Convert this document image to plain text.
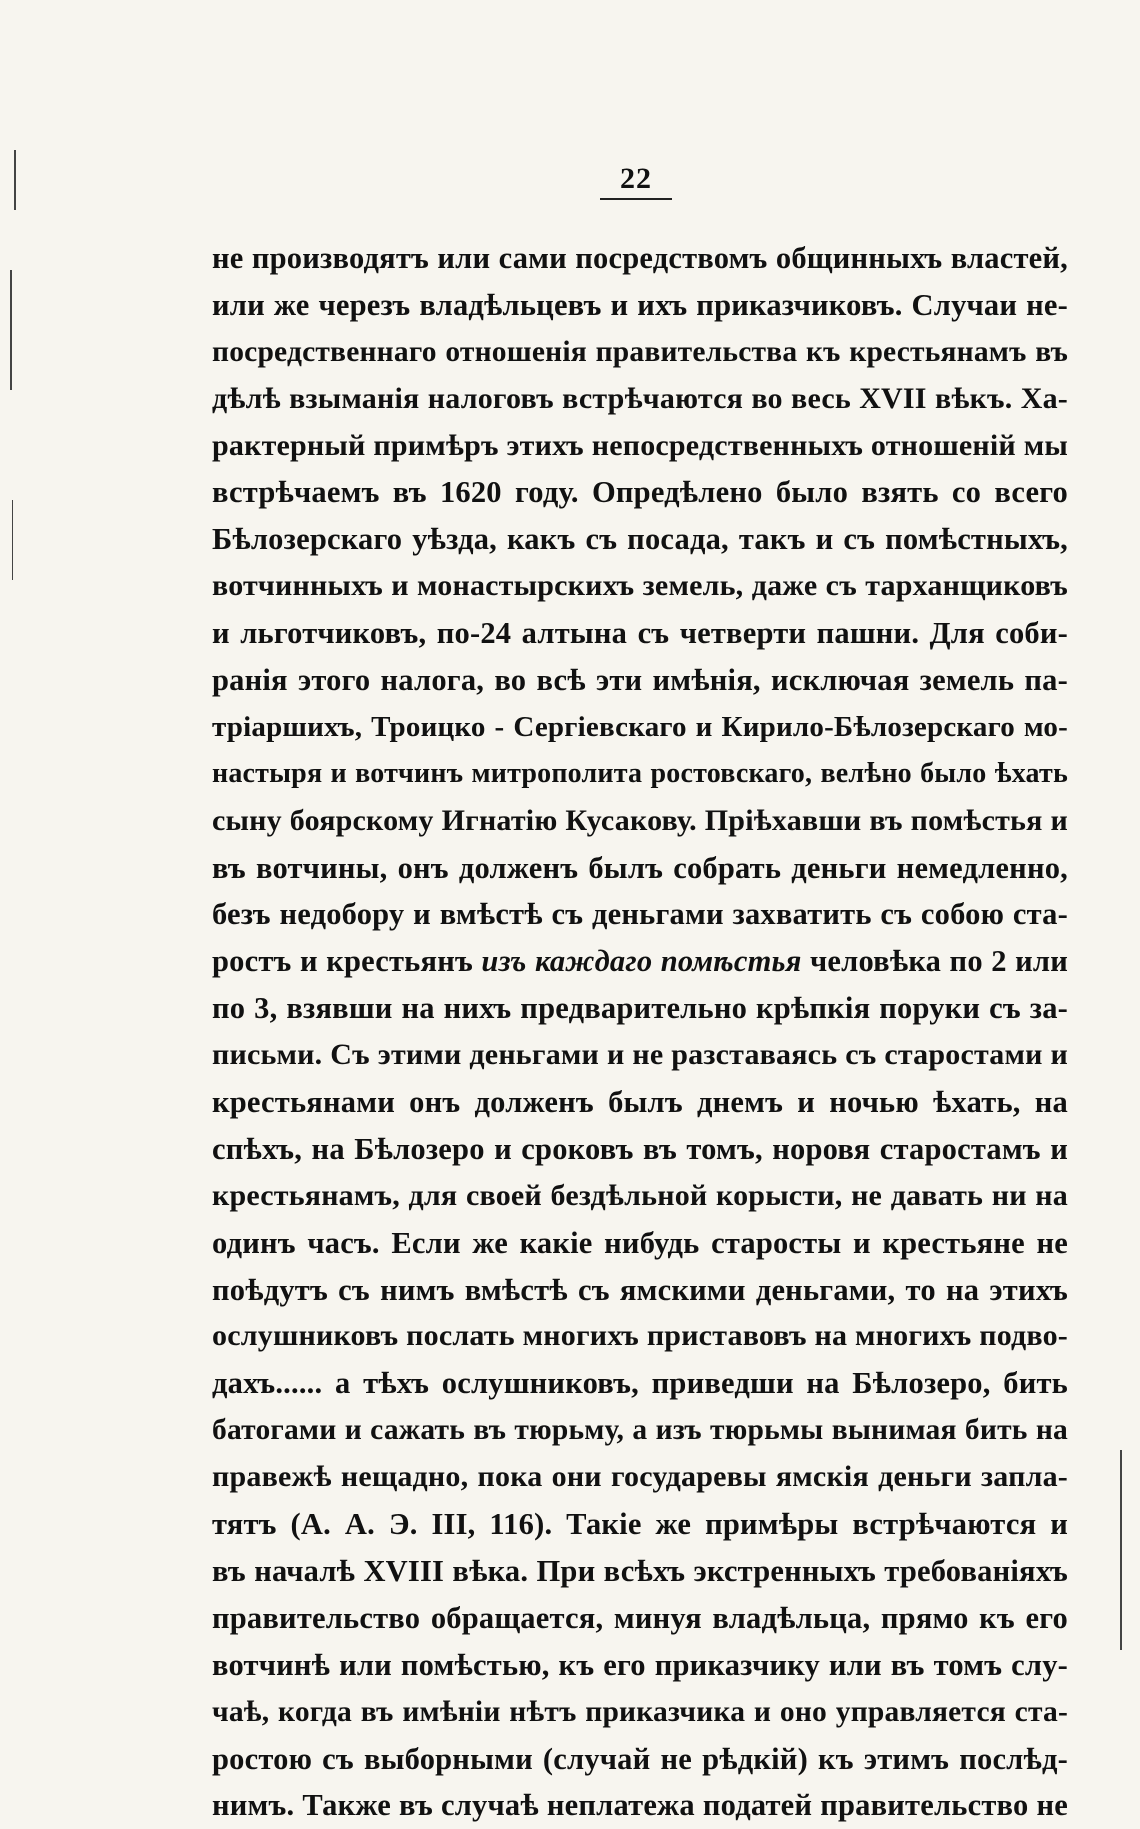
22
не производятъ или сами посредствомъ общинныхъ властей,
или же черезъ владѣльцевъ и ихъ приказчиковъ. Случаи не-
посредственнаго отношенія правительства къ крестьянамъ въ
дѣлѣ взыманія налоговъ встрѣчаются во весь XVII вѣкъ. Ха-
рактерный примѣръ этихъ непосредственныхъ отношеній мы
встрѣчаемъ въ 1620 году. Опредѣлено было взять со всего
Бѣлозерскаго уѣзда, какъ съ посада, такъ и съ помѣстныхъ,
вотчинныхъ и монастырскихъ земель, даже съ тарханщиковъ
и льготчиковъ, по-24 алтына съ четверти пашни. Для соби-
ранія этого налога, во всѣ эти имѣнія, исключая земель па-
тріаршихъ, Троицко - Сергіевскаго и Кирило-Бѣлозерскаго мо-
настыря и вотчинъ митрополита ростовскаго, велѣно было ѣхать
сыну боярскому Игнатію Кусакову. Пріѣхавши въ помѣстья и
въ вотчины, онъ долженъ былъ собрать деньги немедленно,
безъ недобору и вмѣстѣ съ деньгами захватить съ собою ста-
ростъ и крестьянъ изъ каждаго помѣстья человѣка по 2 или
по 3, взявши на нихъ предварительно крѣпкія поруки съ за-
письми. Съ этими деньгами и не разставаясь съ старостами и
крестьянами онъ долженъ былъ днемъ и ночью ѣхать, на
спѣхъ, на Бѣлозеро и сроковъ въ томъ, норовя старостамъ и
крестьянамъ, для своей бездѣльной корысти, не давать ни на
одинъ часъ. Если же какіе нибудь старосты и крестьяне не
поѣдутъ съ нимъ вмѣстѣ съ ямскими деньгами, то на этихъ
ослушниковъ послать многихъ приставовъ на многихъ подво-
дахъ...... а тѣхъ ослушниковъ, приведши на Бѣлозеро, бить
батогами и сажать въ тюрьму, а изъ тюрьмы вынимая бить на
правежѣ нещадно, пока они государевы ямскія деньги запла-
тятъ (А. А. Э. III, 116). Такіе же примѣры встрѣчаются и
въ началѣ XVIII вѣка. При всѣхъ экстренныхъ требованіяхъ
правительство обращается, минуя владѣльца, прямо къ его
вотчинѣ или помѣстью, къ его приказчику или въ томъ слу-
чаѣ, когда въ имѣніи нѣтъ приказчика и оно управляется ста-
ростою съ выборными (случай не рѣдкій) къ этимъ послѣд-
нимъ. Также въ случаѣ неплатежа податей правительство не
